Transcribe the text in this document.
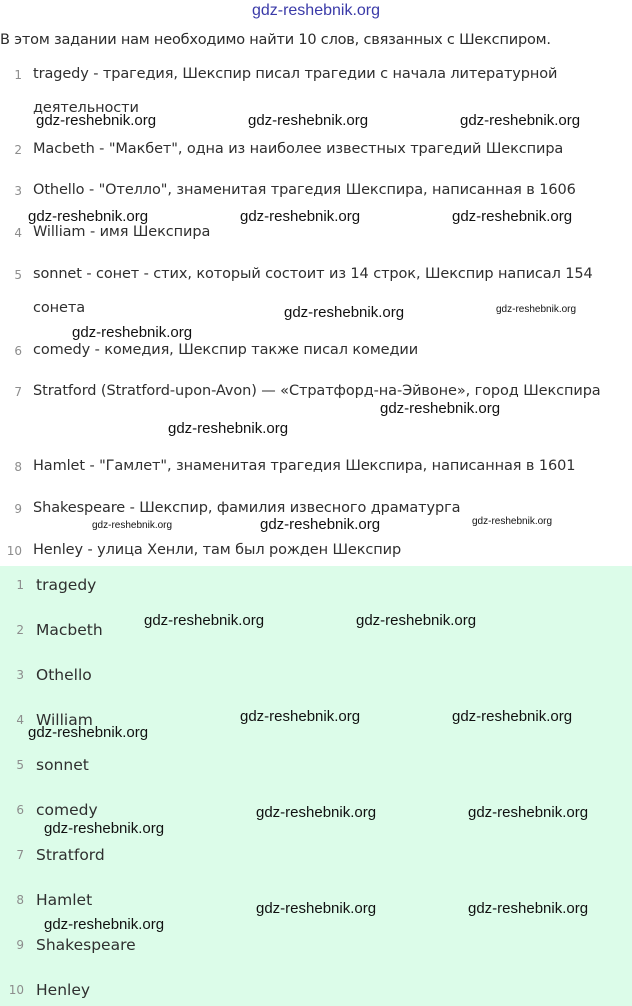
gdz-reshebnik.org
В этом задании нам необходимо найти 10 слов, связанных с Шекспиром.
1 tragedy - трагедия, Шекспир писал трагедии с начала литературной деятельности
2 Macbeth - "Макбет", одна из наиболее известных трагедий Шекспира
3 Othello - "Отелло", знаменитая трагедия Шекспира, написанная в 1606
4 William - имя Шекспира
5 sonnet - сонет - стих, который состоит из 14 строк, Шекспир написал 154 сонета
6 comedy - комедия, Шекспир также писал комедии
7 Stratford (Stratford-upon-Avon) — «Стратфорд-на-Эйвоне», город Шекспира
8 Hamlet - "Гамлет", знаменитая трагедия Шекспира, написанная в 1601
9 Shakespeare - Шекспир, фамилия извесного драматурга
10 Henley - улица Хенли, там был рожден Шекспир
1 tragedy
2 Macbeth
3 Othello
4 William
5 sonnet
6 comedy
7 Stratford
8 Hamlet
9 Shakespeare
10 Henley
gdz-reshebnik.org	gdz-reshebnik.org	gdz-reshebnik.org
gdz-reshebnik.org	gdz-reshebnik.org	gdz-reshebnik.org
gdz-reshebnik.org	gdz-reshebnik.org
gdz-reshebnik.org
gdz-reshebnik.org
gdz-reshebnik.org
gdz-reshebnik.org	gdz-reshebnik.org	gdz-reshebnik.org
gdz-reshebnik.org	gdz-reshebnik.org
gdz-reshebnik.org	gdz-reshebnik.org
gdz-reshebnik.org
gdz-reshebnik.org	gdz-reshebnik.org
gdz-reshebnik.org
gdz-reshebnik.org	gdz-reshebnik.org
gdz-reshebnik.org
